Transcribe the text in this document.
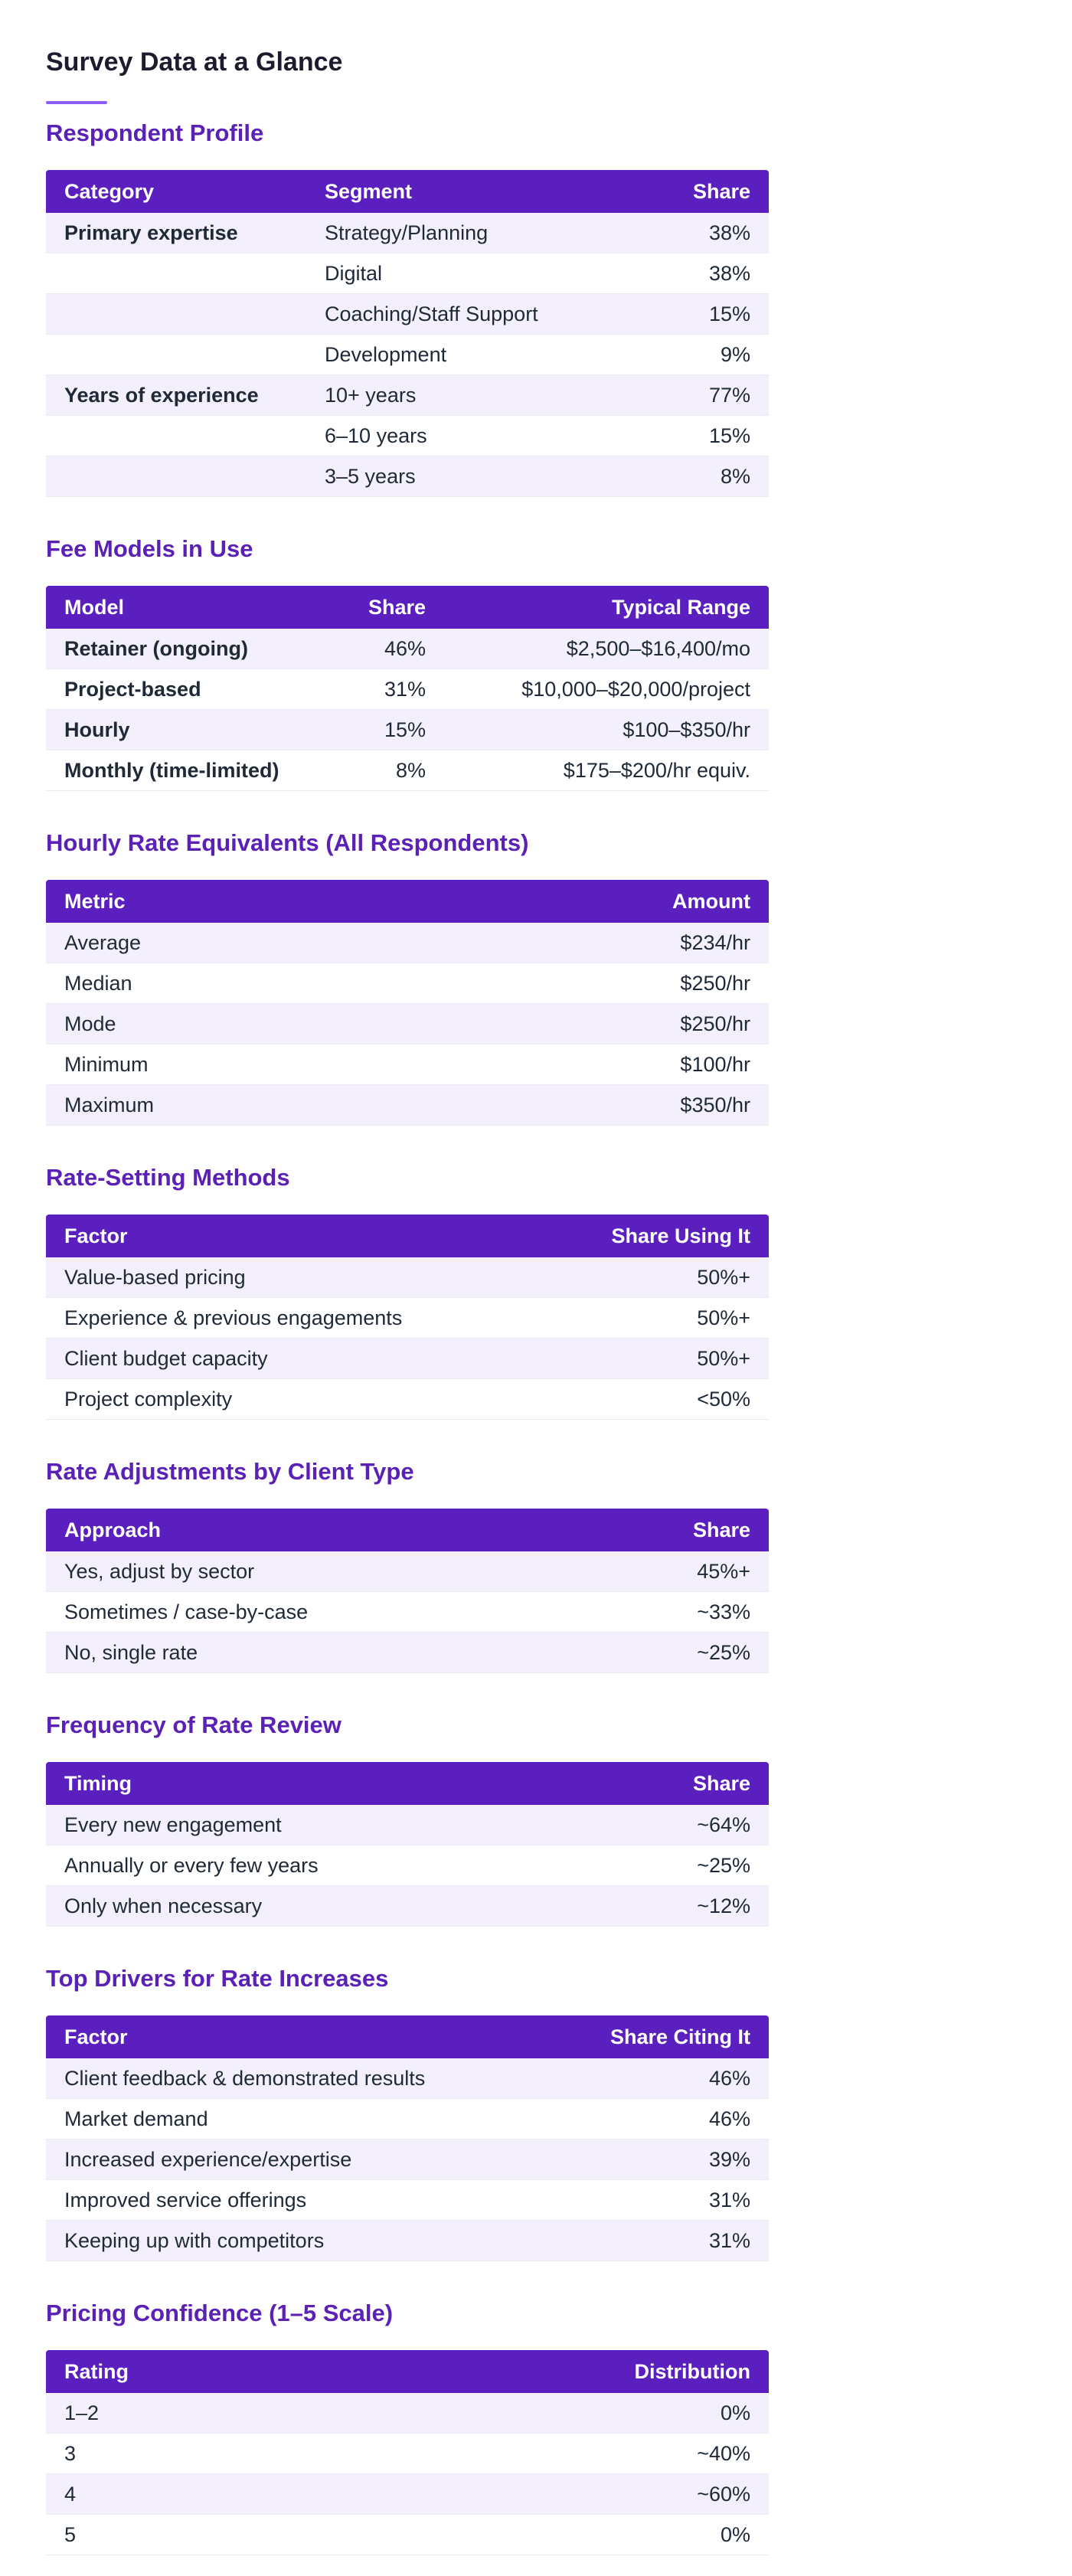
Survey Data at a Glance
Respondent Profile
Category	Segment	Share
Primary expertise	Strategy/Planning	38%
	Digital	38%
	Coaching/Staff Support	15%
	Development	9%
Years of experience	10+ years	77%
	6–10 years	15%
	3–5 years	8%
Fee Models in Use
Model	Share	Typical Range
Retainer (ongoing)	46%	$2,500–$16,400/mo
Project-based	31%	$10,000–$20,000/project
Hourly	15%	$100–$350/hr
Monthly (time-limited)	8%	$175–$200/hr equiv.
Hourly Rate Equivalents (All Respondents)
Metric	Amount
Average	$234/hr
Median	$250/hr
Mode	$250/hr
Minimum	$100/hr
Maximum	$350/hr
Rate-Setting Methods
Factor	Share Using It
Value-based pricing	50%+
Experience & previous engagements	50%+
Client budget capacity	50%+
Project complexity	<50%
Rate Adjustments by Client Type
Approach	Share
Yes, adjust by sector	45%+
Sometimes / case-by-case	~33%
No, single rate	~25%
Frequency of Rate Review
Timing	Share
Every new engagement	~64%
Annually or every few years	~25%
Only when necessary	~12%
Top Drivers for Rate Increases
Factor	Share Citing It
Client feedback & demonstrated results	46%
Market demand	46%
Increased experience/expertise	39%
Improved service offerings	31%
Keeping up with competitors	31%
Pricing Confidence (1–5 Scale)
Rating	Distribution
1–2	0%
3	~40%
4	~60%
5	0%
